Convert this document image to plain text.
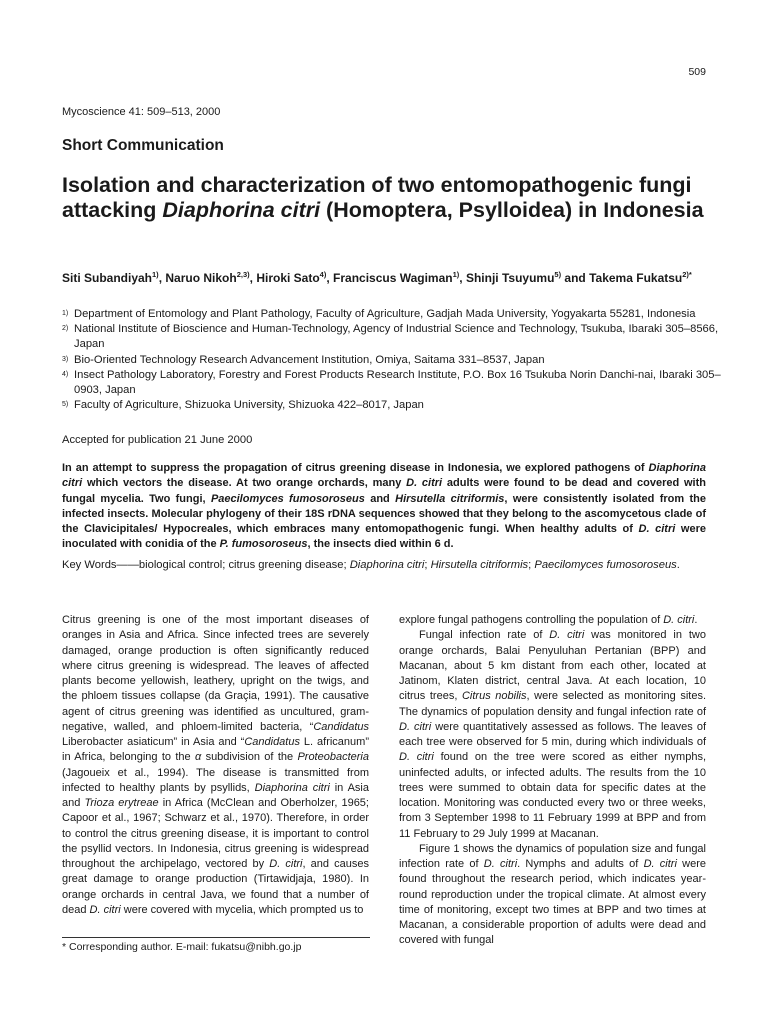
509
Mycoscience 41: 509–513, 2000
Short Communication
Isolation and characterization of two entomopathogenic fungi attacking Diaphorina citri (Homoptera, Psylloidea) in Indonesia
Siti Subandiyah$^{1)}$, Naruo Nikoh$^{2,3)}$, Hiroki Sato$^{4)}$, Franciscus Wagiman$^{1)}$, Shinji Tsuyumu$^{5)}$ and Takema Fukatsu$^{2)*}$
1) Department of Entomology and Plant Pathology, Faculty of Agriculture, Gadjah Mada University, Yogyakarta 55281, Indonesia
2) National Institute of Bioscience and Human-Technology, Agency of Industrial Science and Technology, Tsukuba, Ibaraki 305–8566, Japan
3) Bio-Oriented Technology Research Advancement Institution, Omiya, Saitama 331–8537, Japan
4) Insect Pathology Laboratory, Forestry and Forest Products Research Institute, P.O. Box 16 Tsukuba Norin Danchi-nai, Ibaraki 305–0903, Japan
5) Faculty of Agriculture, Shizuoka University, Shizuoka 422–8017, Japan
Accepted for publication 21 June 2000
In an attempt to suppress the propagation of citrus greening disease in Indonesia, we explored pathogens of Diaphorina citri which vectors the disease. At two orange orchards, many D. citri adults were found to be dead and covered with fungal mycelia. Two fungi, Paecilomyces fumosoroseus and Hirsutella citriformis, were consistently isolated from the infected insects. Molecular phylogeny of their 18S rDNA sequences showed that they belong to the ascomycetous clade of the Clavicipitales/ Hypocreales, which embraces many entomopathogenic fungi. When healthy adults of D. citri were inoculated with conidia of the P. fumosoroseus, the insects died within 6 d.
Key Words —— biological control; citrus greening disease; Diaphorina citri; Hirsutella citriformis; Paecilomyces fumosoroseus.

Citrus greening is one of the most important diseases of oranges in Asia and Africa. Since infected trees are severely damaged, orange production is often significantly reduced where citrus greening is widespread. The leaves of affected plants become yellowish, leathery, upright on the twigs, and the phloem tissues collapse (da Graçia, 1991). The causative agent of citrus greening was identified as uncultured, gram-negative, walled, and phloem-limited bacteria, “Candidatus Liberobacter asiaticum” in Asia and “Candidatus L. africanum” in Africa, belonging to the α subdivision of the Proteobacteria (Jagoueix et al., 1994). The disease is transmitted from infected to healthy plants by psyllids, Diaphorina citri in Asia and Trioza erytreae in Africa (McClean and Oberholzer, 1965; Capoor et al., 1967; Schwarz et al., 1970). Therefore, in order to control the citrus greening disease, it is important to control the psyllid vectors. In Indonesia, citrus greening is widespread throughout the archipelago, vectored by D. citri, and causes great damage to orange production (Tirtawidjaja, 1980). In orange orchards in central Java, we found that a number of dead D. citri were covered with mycelia, which prompted us to

explore fungal pathogens controlling the population of D. citri.

Fungal infection rate of D. citri was monitored in two orange orchards, Balai Penyuluhan Pertanian (BPP) and Macanan, about 5 km distant from each other, located at Jatinom, Klaten district, central Java. At each location, 10 citrus trees, Citrus nobilis, were selected as monitoring sites. The dynamics of population density and fungal infection rate of D. citri were quantitatively assessed as follows. The leaves of each tree were observed for 5 min, during which individuals of D. citri found on the tree were scored as either nymphs, uninfected adults, or infected adults. The results from the 10 trees were summed to obtain data for specific dates at the location. Monitoring was conducted every two or three weeks, from 3 September 1998 to 11 February 1999 at BPP and from 11 February to 29 July 1999 at Macanan.

Figure 1 shows the dynamics of population size and fungal infection rate of D. citri. Nymphs and adults of D. citri were found throughout the research period, which indicates year-round reproduction under the tropical climate. At almost every time of monitoring, except two times at BPP and two times at Macanan, a considerable proportion of adults were dead and covered with fungal

* Corresponding author. E-mail: fukatsu@nibh.go.jp
